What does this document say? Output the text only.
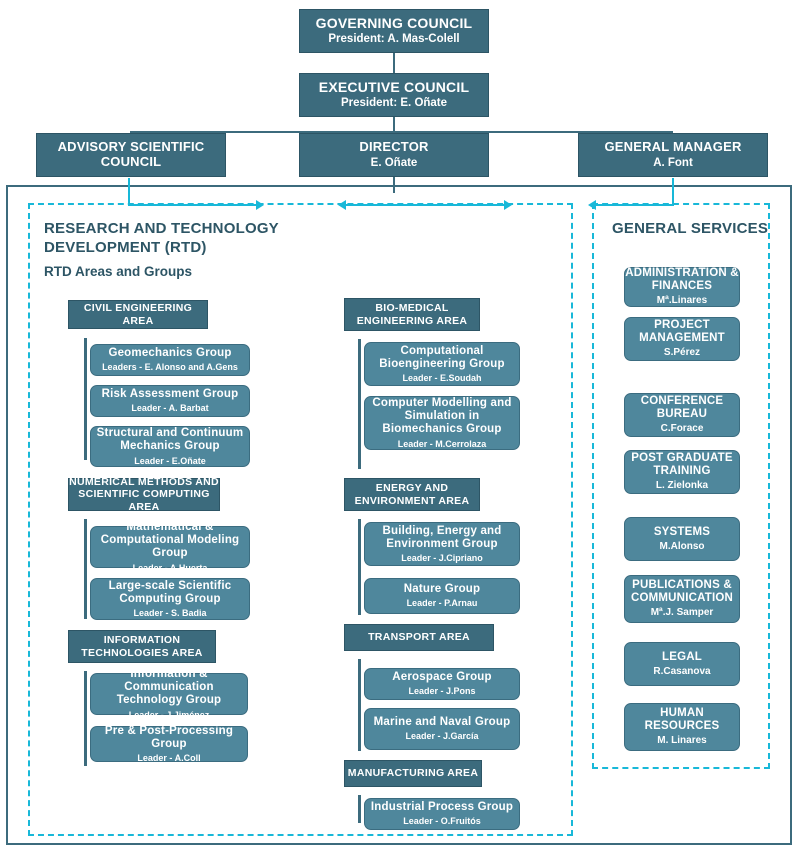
GOVERNING COUNCIL
President: A. Mas-Colell
EXECUTIVE COUNCIL
President: E. Oñate
ADVISORY SCIENTIFIC COUNCIL
DIRECTOR
E. Oñate
GENERAL MANAGER
A. Font
RESEARCH AND TECHNOLOGY DEVELOPMENT (RTD)
RTD Areas and Groups
CIVIL ENGINEERING AREA
Geomechanics Group
Leaders - E. Alonso and A.Gens
Risk Assessment Group
Leader - A. Barbat
Structural and Continuum Mechanics Group
Leader - E.Oñate
NUMERICAL METHODS AND SCIENTIFIC COMPUTING AREA
Mathematical & Computational Modeling Group
Leader - A.Huerta
Large-scale Scientific Computing Group
Leader - S. Badia
INFORMATION TECHNOLOGIES AREA
Information & Communication Technology Group
Leader - J.Jiménez
Pre & Post-Processing Group
Leader - A.Coll
BIO-MEDICAL ENGINEERING AREA
Computational Bioengineering Group
Leader - E.Soudah
Computer Modelling and Simulation in Biomechanics Group
Leader - M.Cerrolaza
ENERGY AND ENVIRONMENT AREA
Building, Energy and Environment Group
Leader - J.Cipriano
Nature Group
Leader - P.Arnau
TRANSPORT AREA
Aerospace Group
Leader - J.Pons
Marine and Naval Group
Leader - J.García
MANUFACTURING AREA
Industrial Process Group
Leader - O.Fruitós
GENERAL SERVICES
ADMINISTRATION & FINANCES
Mª.Linares
PROJECT MANAGEMENT
S.Pérez
CONFERENCE BUREAU
C.Forace
POST GRADUATE TRAINING
L. Zielonka
SYSTEMS
M.Alonso
PUBLICATIONS & COMMUNICATION
Mª.J. Samper
LEGAL
R.Casanova
HUMAN RESOURCES
M. Linares
